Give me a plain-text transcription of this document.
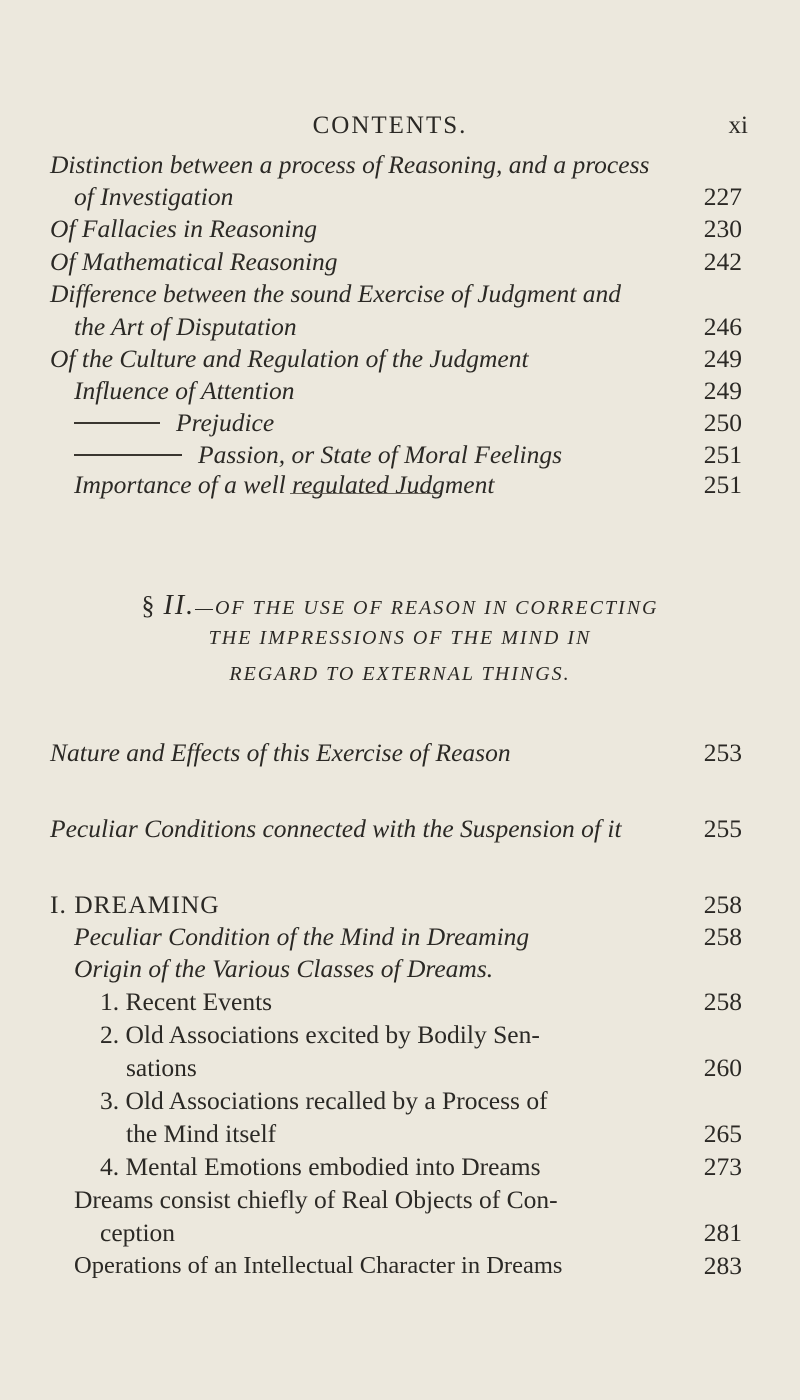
CONTENTS.	xi
Distinction between a process of Reasoning, and a process
of Investigation	227
Of Fallacies in Reasoning	230
Of Mathematical Reasoning	242
Difference between the sound Exercise of Judgment and
the Art of Disputation	246
Of the Culture and Regulation of the Judgment	249
Influence of Attention	249
Prejudice	250
Passion, or State of Moral Feelings	251
Importance of a well regulated Judgment	251
§ II.—OF THE USE OF REASON IN CORRECTING
THE IMPRESSIONS OF THE MIND IN
REGARD TO EXTERNAL THINGS.
Nature and Effects of this Exercise of Reason	253
Peculiar Conditions connected with the Suspension of it	255
I. DREAMING	258
Peculiar Condition of the Mind in Dreaming	258
Origin of the Various Classes of Dreams.
1. Recent Events	258
2. Old Associations excited by Bodily Sen-
sations	260
3. Old Associations recalled by a Process of
the Mind itself	265
4. Mental Emotions embodied into Dreams	273
Dreams consist chiefly of Real Objects of Con-
ception	281
Operations of an Intellectual Character in Dreams	283
